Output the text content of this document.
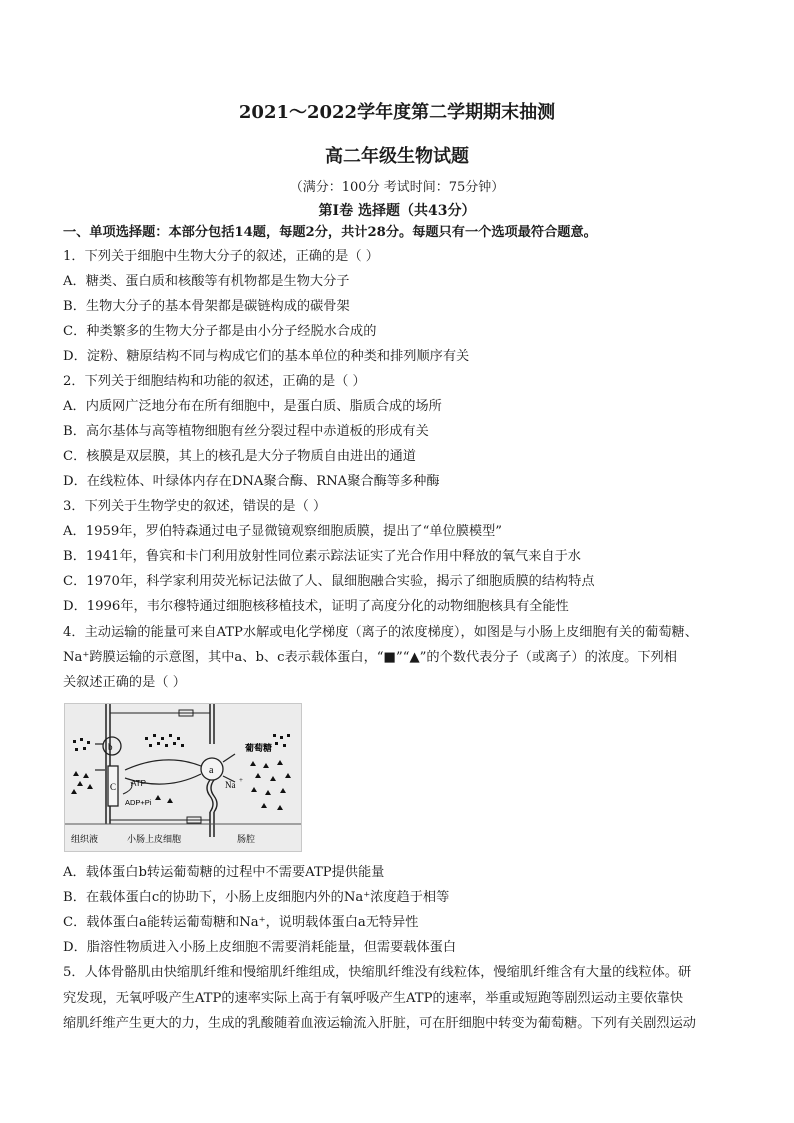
2021～2022学年度第二学期期末抽测
高二年级生物试题
（满分：100分 考试时间：75分钟）
第Ⅰ卷 选择题（共43分）
一、单项选择题：本部分包括14题，每题2分，共计28分。每题只有一个选项最符合题意。
1．下列关于细胞中生物大分子的叙述，正确的是（ ）
A．糖类、蛋白质和核酸等有机物都是生物大分子
B．生物大分子的基本骨架都是碳链构成的碳骨架
C．种类繁多的生物大分子都是由小分子经脱水合成的
D．淀粉、糖原结构不同与构成它们的基本单位的种类和排列顺序有关
2．下列关于细胞结构和功能的叙述，正确的是（ ）
A．内质网广泛地分布在所有细胞中，是蛋白质、脂质合成的场所
B．高尔基体与高等植物细胞有丝分裂过程中赤道板的形成有关
C．核膜是双层膜，其上的核孔是大分子物质自由进出的通道
D．在线粒体、叶绿体内存在DNA聚合酶、RNA聚合酶等多种酶
3．下列关于生物学史的叙述，错误的是（ ）
A．1959年，罗伯特森通过电子显微镜观察细胞质膜，提出了“单位膜模型”
B．1941年，鲁宾和卡门利用放射性同位素示踪法证实了光合作用中释放的氧气来自于水
C．1970年，科学家利用荧光标记法做了人、鼠细胞融合实验，揭示了细胞质膜的结构特点
D．1996年，韦尔穆特通过细胞核移植技术，证明了高度分化的动物细胞核具有全能性
4．主动运输的能量可来自ATP水解或电化学梯度（离子的浓度梯度），如图是与小肠上皮细胞有关的葡萄糖、
Na⁺跨膜运输的示意图，其中a、b、c表示载体蛋白，“■”“▲”的个数代表分子（或离子）的浓度。下列相
关叙述正确的是（ ）
b
C
a
ATP
ADP+Pi
葡萄糖
Na +
组织液	小肠上皮细胞	肠腔
A．载体蛋白b转运葡萄糖的过程中不需要ATP提供能量
B．在载体蛋白c的协助下，小肠上皮细胞内外的Na⁺浓度趋于相等
C．载体蛋白a能转运葡萄糖和Na⁺，说明载体蛋白a无特异性
D．脂溶性物质进入小肠上皮细胞不需要消耗能量，但需要载体蛋白
5．人体骨骼肌由快缩肌纤维和慢缩肌纤维组成，快缩肌纤维没有线粒体，慢缩肌纤维含有大量的线粒体。研
究发现，无氧呼吸产生ATP的速率实际上高于有氧呼吸产生ATP的速率，举重或短跑等剧烈运动主要依靠快
缩肌纤维产生更大的力，生成的乳酸随着血液运输流入肝脏，可在肝细胞中转变为葡萄糖。下列有关剧烈运动
